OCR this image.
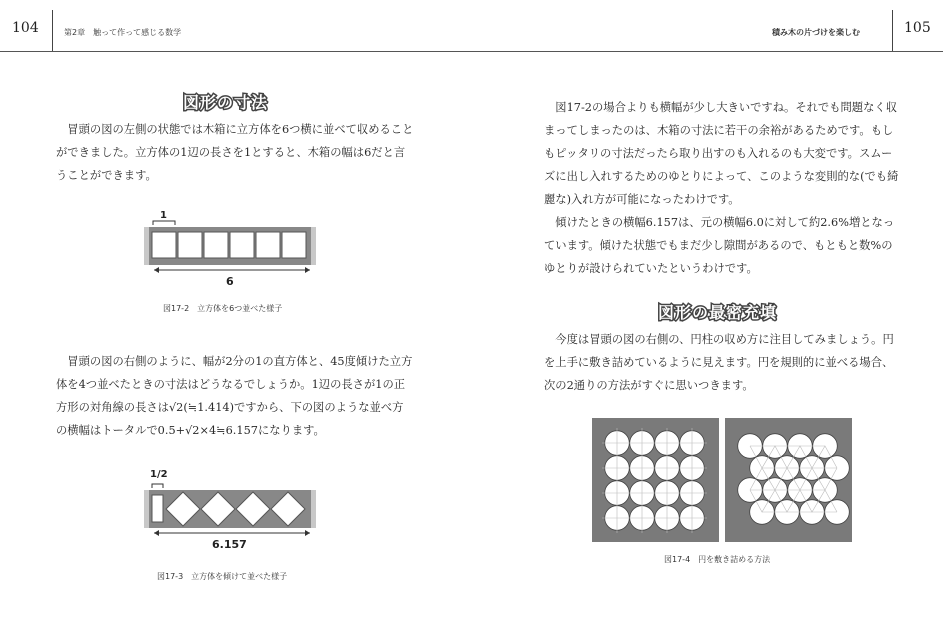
104	第2章　触って作って感じる数学	積み木の片づけを楽しむ	105
図形の寸法

冒頭の図の左側の状態では木箱に立方体を6つ横に並べて収めることができました。立方体の1辺の長さを1とすると、木箱の幅は6だと言うことができます。

1
6
図17-2　立方体を6つ並べた様子

冒頭の図の右側のように、幅が2分の1の直方体と、45度傾けた立方体を4つ並べたときの寸法はどうなるでしょうか。1辺の長さが1の正方形の対角線の長さは√2(≒1.414)ですから、下の図のような並べ方の横幅はトータルで0.5+√2×4≒6.157になります。

1/2
6.157
図17-3　立方体を傾けて並べた様子

図17-2の場合よりも横幅が少し大きいですね。それでも問題なく収まってしまったのは、木箱の寸法に若干の余裕があるためです。もしもピッタリの寸法だったら取り出すのも入れるのも大変です。スムーズに出し入れするためのゆとりによって、このような変則的な(でも綺麗な)入れ方が可能になったわけです。

傾けたときの横幅6.157は、元の横幅6.0に対して約2.6%増となっています。傾けた状態でもまだ少し隙間があるので、もともと数%のゆとりが設けられていたというわけです。

図形の最密充填

今度は冒頭の図の右側の、円柱の収め方に注目してみましょう。円を上手に敷き詰めているように見えます。円を規則的に並べる場合、次の2通りの方法がすぐに思いつきます。

図17-4　円を敷き詰める方法
